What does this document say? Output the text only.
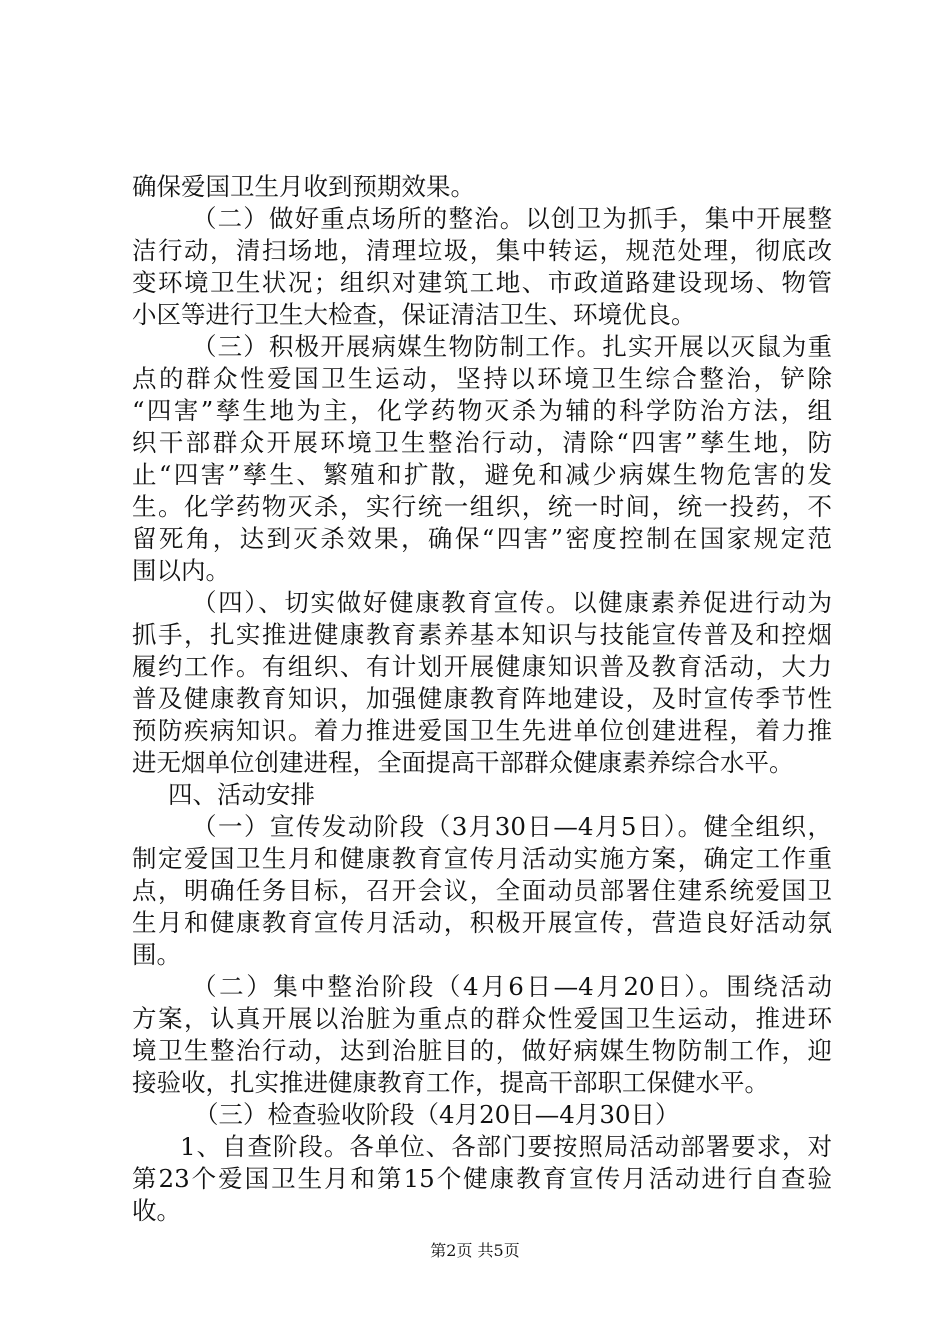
确保爱国卫生月收到预期效果。
（二）做好重点场所的整治。以创卫为抓手，集中开展整
洁行动，清扫场地，清理垃圾，集中转运，规范处理，彻底改
变环境卫生状况；组织对建筑工地、市政道路建设现场、物管
小区等进行卫生大检查，保证清洁卫生、环境优良。
（三）积极开展病媒生物防制工作。扎实开展以灭鼠为重
点的群众性爱国卫生运动，坚持以环境卫生综合整治，铲除
“四害”孳生地为主，化学药物灭杀为辅的科学防治方法，组
织干部群众开展环境卫生整治行动，清除“四害”孳生地，防
止“四害”孳生、繁殖和扩散，避免和减少病媒生物危害的发
生。化学药物灭杀，实行统一组织，统一时间，统一投药，不
留死角，达到灭杀效果，确保“四害”密度控制在国家规定范
围以内。
（四）、切实做好健康教育宣传。以健康素养促进行动为
抓手，扎实推进健康教育素养基本知识与技能宣传普及和控烟
履约工作。有组织、有计划开展健康知识普及教育活动，大力
普及健康教育知识，加强健康教育阵地建设，及时宣传季节性
预防疾病知识。着力推进爱国卫生先进单位创建进程，着力推
进无烟单位创建进程，全面提高干部群众健康素养综合水平。
四、活动安排
（一）宣传发动阶段（3月30日—4月5日）。健全组织，
制定爱国卫生月和健康教育宣传月活动实施方案，确定工作重
点，明确任务目标，召开会议，全面动员部署住建系统爱国卫
生月和健康教育宣传月活动，积极开展宣传，营造良好活动氛
围。
（二）集中整治阶段（4月6日—4月20日）。围绕活动
方案，认真开展以治脏为重点的群众性爱国卫生运动，推进环
境卫生整治行动，达到治脏目的，做好病媒生物防制工作，迎
接验收，扎实推进健康教育工作，提高干部职工保健水平。
（三）检查验收阶段（4月20日—4月30日）
1、自查阶段。各单位、各部门要按照局活动部署要求，对
第23个爱国卫生月和第15个健康教育宣传月活动进行自查验
收。
第2页 共5页
